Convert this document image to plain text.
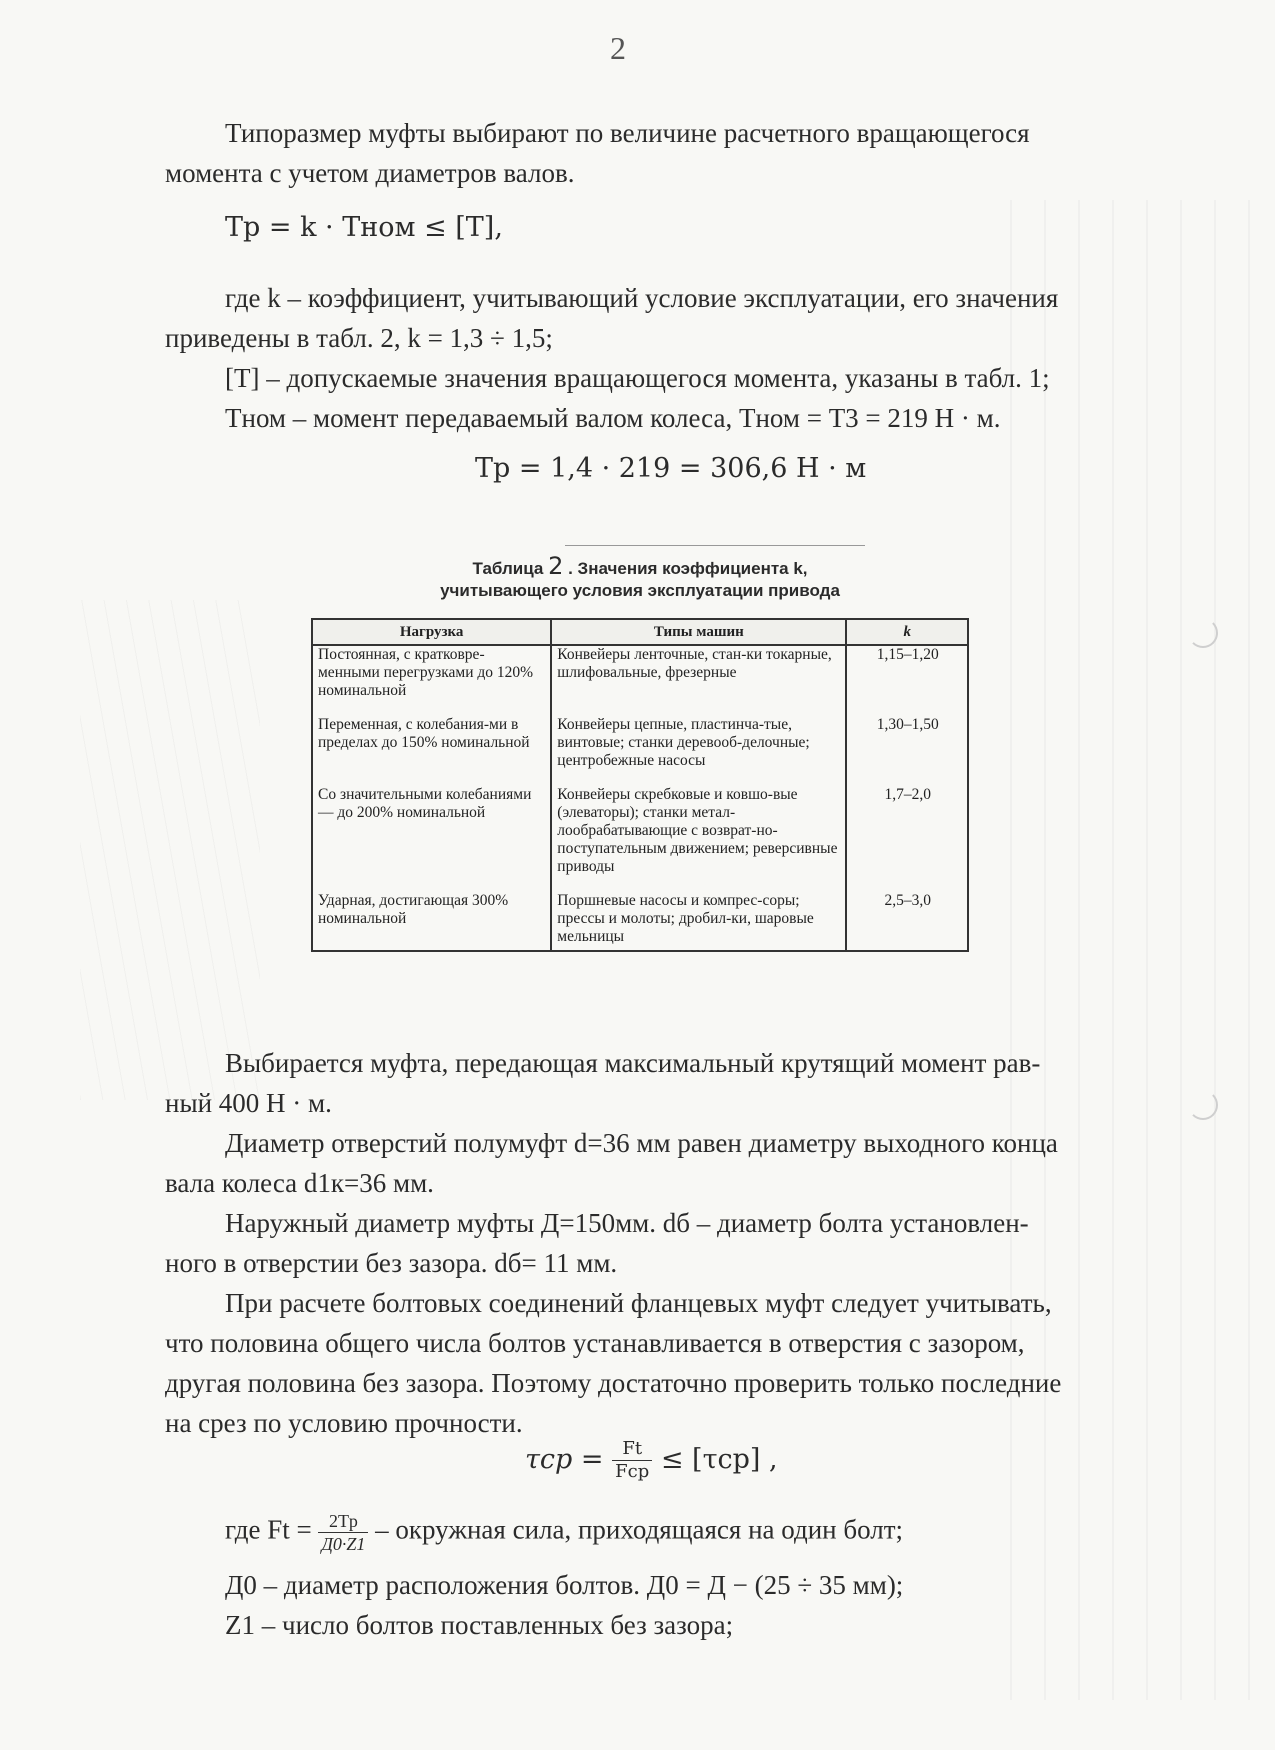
2

Типоразмер муфты выбирают по величине расчетного вращающегося

момента с учетом диаметров валов.

Tр = k · Tном ≤ [T],

где k – коэффициент, учитывающий условие эксплуатации, его значения

приведены в табл. 2, k = 1,3 ÷ 1,5;

[T] – допускаемые значения вращающегося момента, указаны в табл. 1;

Tном – момент передаваемый валом колеса, Tном = T3 = 219 Н · м.

Tр = 1,4 · 219 = 306,6 Н · м
Таблица 2 . Значения коэффициента k,
учитывающего условия эксплуатации привода
Нагрузка	Типы машин	k
Постоянная, с кратковре-менными перегрузками до 120% номинальной	Конвейеры ленточные, стан-ки токарные, шлифовальные, фрезерные	1,15–1,20
Переменная, с колебания-ми в пределах до 150% номинальной	Конвейеры цепные, пластинча-тые, винтовые; станки деревооб-делочные; центробежные насосы	1,30–1,50
Со значительными колебаниями — до 200% номинальной	Конвейеры скребковые и ковшо-вые (элеваторы); станки метал-лообрабатывающие с возврат-но-поступательным движением; реверсивные приводы	1,7–2,0
Ударная, достигающая 300% номинальной	Поршневые насосы и компрес-соры; прессы и молоты; дробил-ки, шаровые мельницы	2,5–3,0

Выбирается муфта, передающая максимальный крутящий момент рав-

ный 400 Н · м.

Диаметр отверстий полумуфт d=36 мм равен диаметру выходного конца

вала колеса d1к=36 мм.

Наружный диаметр муфты Д=150мм. dб – диаметр болта установлен-

ного в отверстии без зазора. dб= 11 мм.

При расчете болтовых соединений фланцевых муфт следует учитывать,

что половина общего числа болтов устанавливается в отверстия с зазором,

другая половина без зазора. Поэтому достаточно проверить только последние

на срез по условию прочности.

$\tau ср = \frac{Ft}{\text{Fср}} \le [\tau ср]$ ,
где $Ft = \frac{2Tр}{Д0\cdot Z1}$ – окружная сила, приходящаяся на один болт;

Д0 – диаметр расположения болтов. Д0 = Д − (25 ÷ 35 мм);

Z1 – число болтов поставленных без зазора;
